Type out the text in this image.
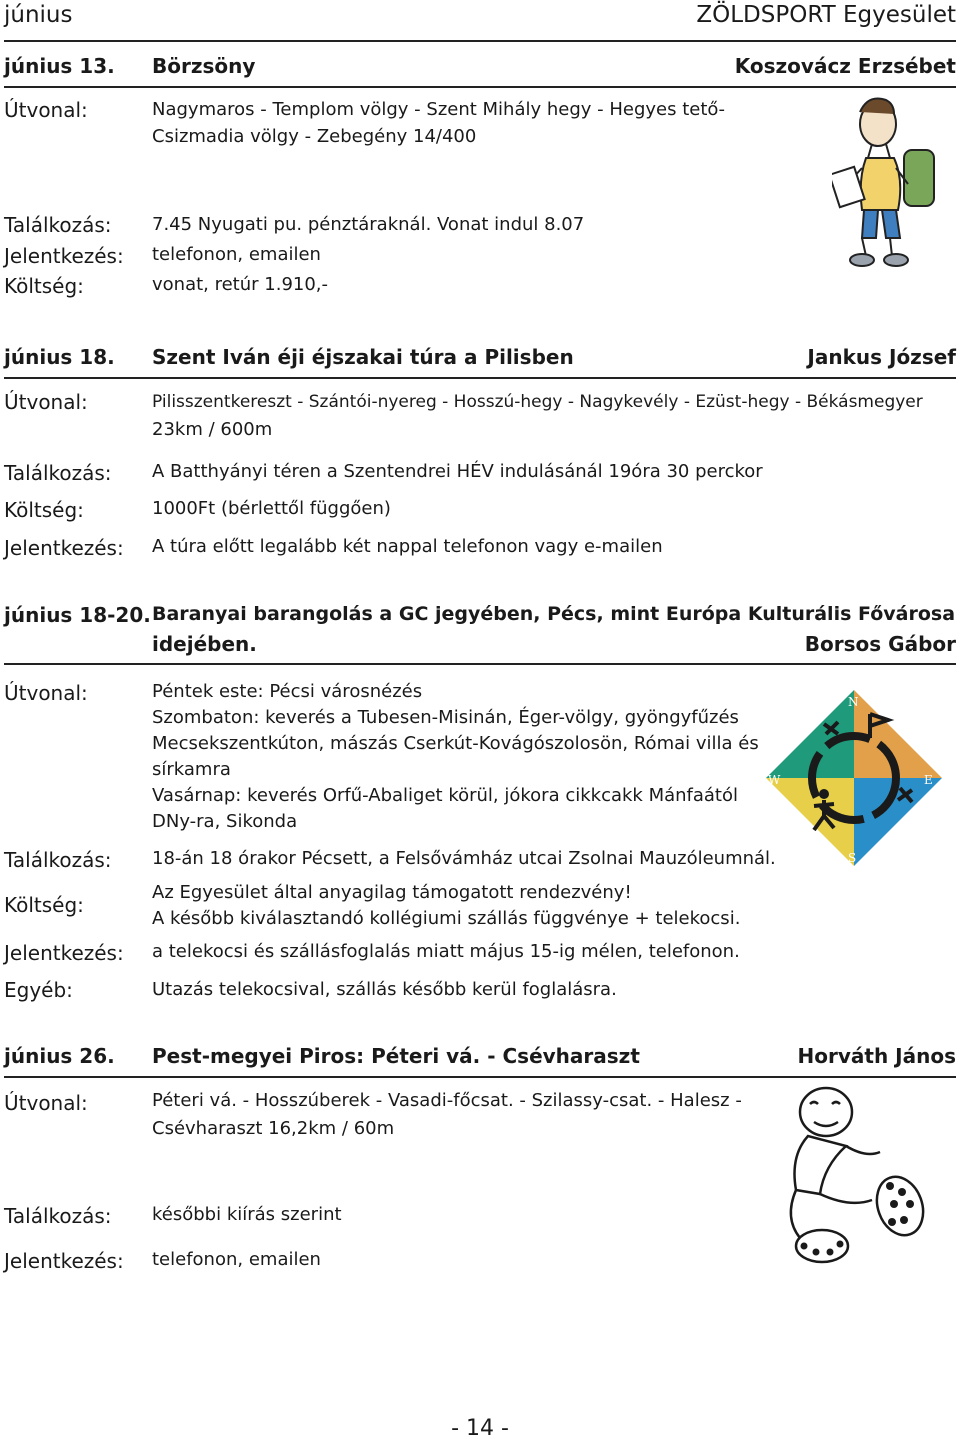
június	ZÖLDSPORT Egyesület
június 13. Börzsöny	Koszovácz Erzsébet
Útvonal:	Nagymaros - Templom völgy - Szent Mihály hegy - Hegyes tető-
Csizmadia völgy - Zebegény 14/400
Találkozás: 7.45 Nyugati pu. pénztáraknál. Vonat indul 8.07
Jelentkezés: telefonon, emailen
Költség:	vonat, retúr 1.910,-
június 18. Szent Iván éji éjszakai túra a Pilisben	Jankus József
Útvonal:	Pilisszentkereszt - Szántói-nyereg - Hosszú-hegy - Nagykevély - Ezüst-hegy - Békásmegyer
23km / 600m
Találkozás: A Batthyányi téren a Szentendrei HÉV indulásánál 19óra 30 perckor
Költség:	1000Ft (bérlettől függően)
Jelentkezés: A túra előtt legalább két nappal telefonon vagy e-mailen
június 18-20. Baranyai barangolás a GC jegyében, Pécs, mint Európa Kulturális Fővárosa
idejében.	Borsos Gábor
Útvonal:	Péntek este: Pécsi városnézés
Szombaton: keverés a Tubesen-Misinán, Éger-völgy, gyöngyfűzés
Mecsekszentkúton, mászás Cserkút-Kovágószolosön, Római villa és
sírkamra
Vasárnap: keverés Orfű-Abaliget körül, jókora cikkcakk Mánfaától
DNy-ra, Sikonda
Találkozás: 18-án 18 órakor Pécsett, a Felsővámház utcai Zsolnai Mauzóleumnál.
Költség:
Az Egyesület által anyagilag támogatott rendezvény!
A később kiválasztandó kollégiumi szállás függvénye + telekocsi.
Jelentkezés: a telekocsi és szállásfoglalás miatt május 15-ig mélen, telefonon.
Egyéb:	Utazás telekocsival, szállás később kerül foglalásra.
N
E
S
W
június 26. Pest-megyei Piros: Péteri vá. - Csévharaszt	Horváth János
Útvonal:	Péteri vá. - Hosszúberek - Vasadi-főcsat. - Szilassy-csat. - Halesz -
Csévharaszt 16,2km / 60m
Találkozás: későbbi kiírás szerint
Jelentkezés: telefonon, emailen
- 14 -
